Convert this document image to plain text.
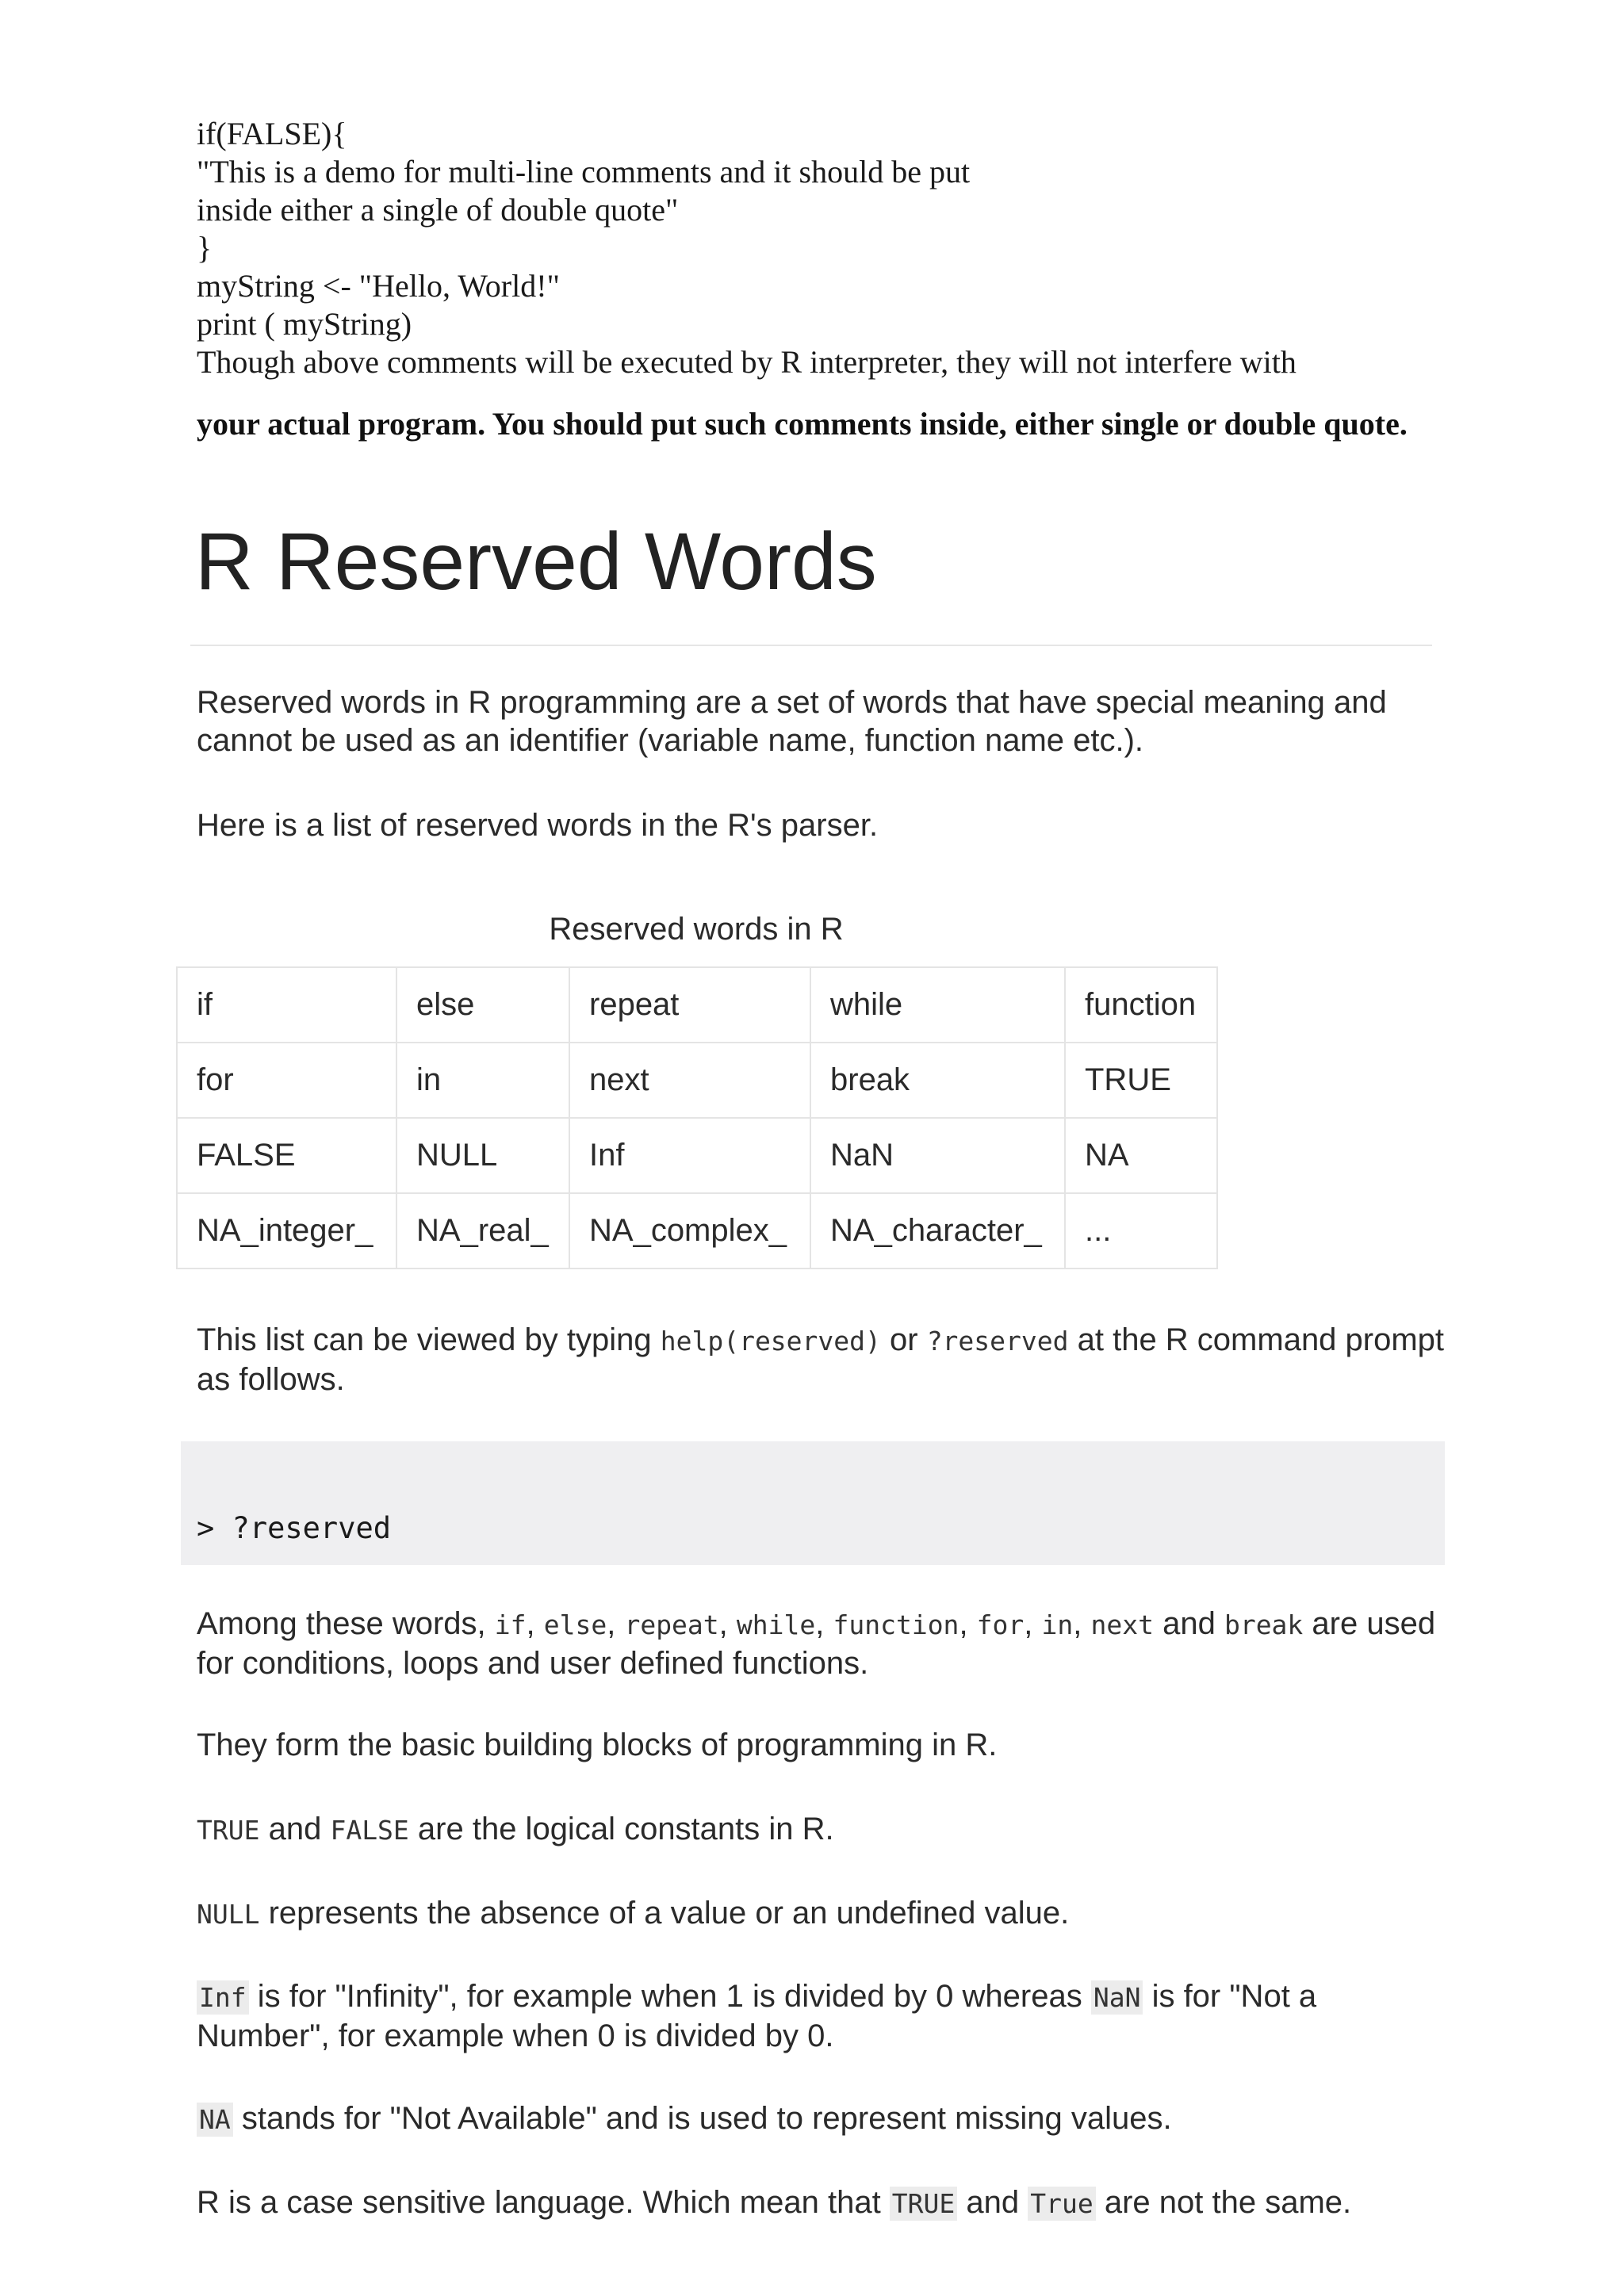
if(FALSE){
"This is a demo for multi-line comments and it should be put
inside either a single of double quote"
}
myString <- "Hello, World!"
print ( myString)
Though above comments will be executed by R interpreter, they will not interfere with
your actual program. You should put such comments inside, either single or double quote.
R Reserved Words
Reserved words in R programming are a set of words that have special meaning and cannot be used as an identifier (variable name, function name etc.).
Here is a list of reserved words in the R's parser.
Reserved words in R
if	else	repeat	while	function
for	in	next	break	TRUE
FALSE	NULL	Inf	NaN	NA
NA_integer_	NA_real_	NA_complex_	NA_character_	...
This list can be viewed by typing help(reserved) or ?reserved at the R command prompt as follows.
> ?reserved
Among these words, if, else, repeat, while, function, for, in, next and break are used for conditions, loops and user defined functions.
They form the basic building blocks of programming in R.
TRUE and FALSE are the logical constants in R.
NULL represents the absence of a value or an undefined value.
Inf is for "Infinity", for example when 1 is divided by 0 whereas NaN is for "Not a Number", for example when 0 is divided by 0.
NA stands for "Not Available" and is used to represent missing values.
R is a case sensitive language. Which mean that TRUE and True are not the same.
